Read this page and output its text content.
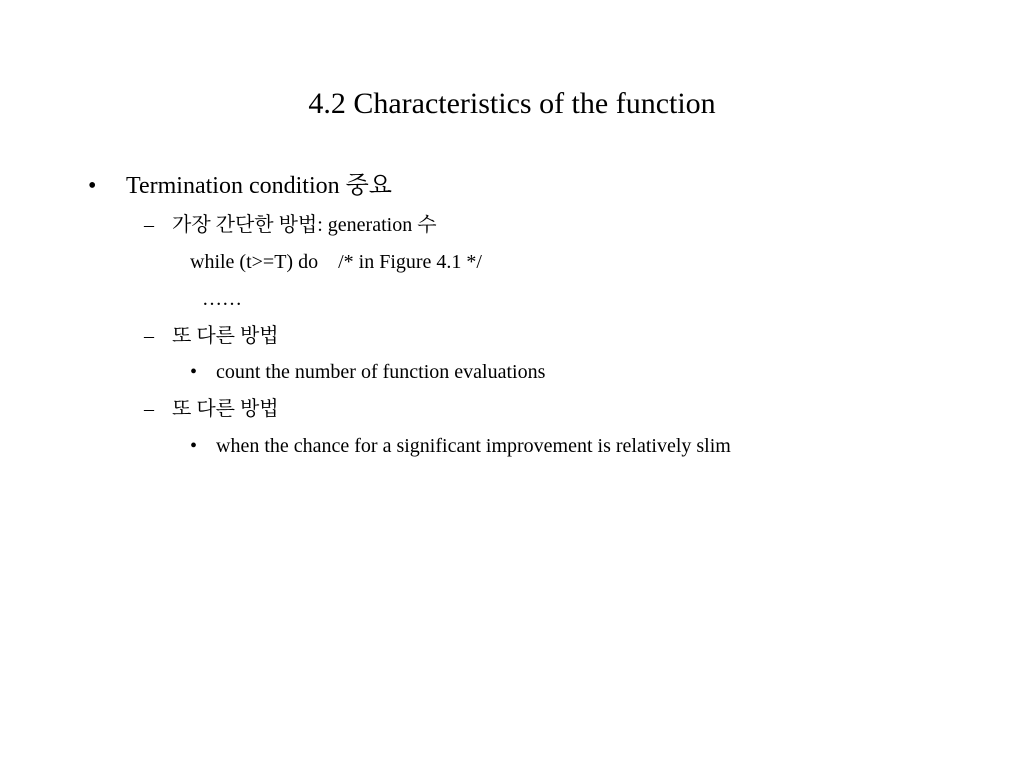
4.2 Characteristics of the function
• Termination condition 중요
– 가장 간단한 방법: generation 수
while (t>=T) do    /* in Figure 4.1 */
……
– 또 다른 방법
• count the number of function evaluations
– 또 다른 방법
• when the chance for a significant improvement is relatively slim
